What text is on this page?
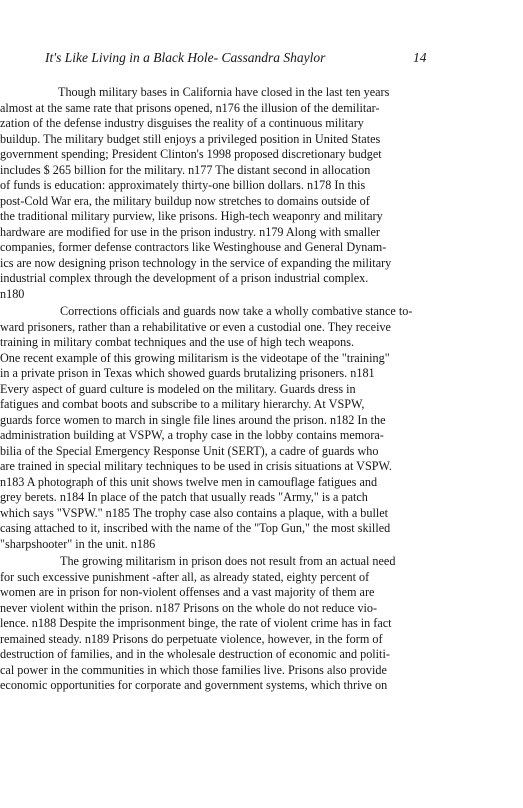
It's Like Living in a Black Hole- Cassandra Shaylor	14
Though military bases in California have closed in the last ten years
almost at the same rate that prisons opened, n176 the illusion of the demilitar-
zation of the defense industry disguises the reality of a continuous military
buildup. The military budget still enjoys a privileged position in United States
government spending; President Clinton's 1998 proposed discretionary budget
includes $ 265 billion for the military. n177 The distant second in allocation
of funds is education: approximately thirty-one billion dollars. n178 In this
post-Cold War era, the military buildup now stretches to domains outside of
the traditional military purview, like prisons. High-tech weaponry and military
hardware are modified for use in the prison industry. n179 Along with smaller
companies, former defense contractors like Westinghouse and General Dynam-
ics are now designing prison technology in the service of expanding the military
industrial complex through the development of a prison industrial complex.
n180
Corrections officials and guards now take a wholly combative stance to-
ward prisoners, rather than a rehabilitative or even a custodial one. They receive
training in military combat techniques and the use of high tech weapons.
One recent example of this growing militarism is the videotape of the "training"
in a private prison in Texas which showed guards brutalizing prisoners. n181
Every aspect of guard culture is modeled on the military. Guards dress in
fatigues and combat boots and subscribe to a military hierarchy. At VSPW,
guards force women to march in single file lines around the prison. n182 In the
administration building at VSPW, a trophy case in the lobby contains memora-
bilia of the Special Emergency Response Unit (SERT), a cadre of guards who
are trained in special military techniques to be used in crisis situations at VSPW.
n183 A photograph of this unit shows twelve men in camouflage fatigues and
grey berets. n184 In place of the patch that usually reads "Army," is a patch
which says "VSPW." n185 The trophy case also contains a plaque, with a bullet
casing attached to it, inscribed with the name of the "Top Gun," the most skilled
"sharpshooter" in the unit. n186
The growing militarism in prison does not result from an actual need
for such excessive punishment -after all, as already stated, eighty percent of
women are in prison for non-violent offenses and a vast majority of them are
never violent within the prison. n187 Prisons on the whole do not reduce vio-
lence. n188 Despite the imprisonment binge, the rate of violent crime has in fact
remained steady. n189 Prisons do perpetuate violence, however, in the form of
destruction of families, and in the wholesale destruction of economic and politi-
cal power in the communities in which those families live. Prisons also provide
economic opportunities for corporate and government systems, which thrive on
